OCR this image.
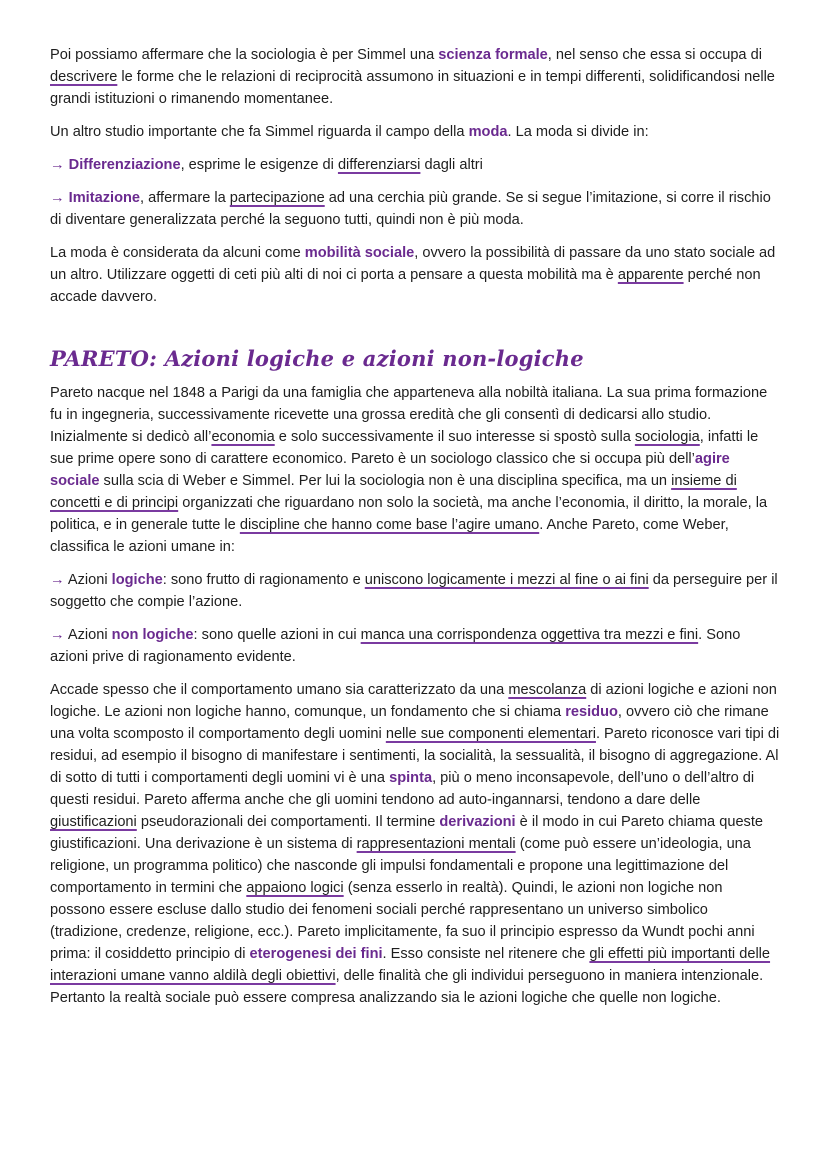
Poi possiamo affermare che la sociologia è per Simmel una scienza formale, nel senso che essa si occupa di descrivere le forme che le relazioni di reciprocità assumono in situazioni e in tempi differenti, solidificandosi nelle grandi istituzioni o rimanendo momentanee.

Un altro studio importante che fa Simmel riguarda il campo della moda. La moda si divide in:

→ Differenziazione, esprime le esigenze di differenziarsi dagli altri

→ Imitazione, affermare la partecipazione ad una cerchia più grande. Se si segue l’imitazione, si corre il rischio di diventare generalizzata perché la seguono tutti, quindi non è più moda.

La moda è considerata da alcuni come mobilità sociale, ovvero la possibilità di passare da uno stato sociale ad un altro. Utilizzare oggetti di ceti più alti di noi ci porta a pensare a questa mobilità ma è apparente perché non accade davvero.

PARETO: Azioni logiche e azioni non-logiche

Pareto nacque nel 1848 a Parigi da una famiglia che apparteneva alla nobiltà italiana. La sua prima formazione fu in ingegneria, successivamente ricevette una grossa eredità che gli consentì di dedicarsi allo studio. Inizialmente si dedicò all’economia e solo successivamente il suo interesse si spostò sulla sociologia, infatti le sue prime opere sono di carattere economico. Pareto è un sociologo classico che si occupa più dell’agire sociale sulla scia di Weber e Simmel. Per lui la sociologia non è una disciplina specifica, ma un insieme di concetti e di principi organizzati che riguardano non solo la società, ma anche l’economia, il diritto, la morale, la politica, e in generale tutte le discipline che hanno come base l’agire umano. Anche Pareto, come Weber, classifica le azioni umane in:

→ Azioni logiche: sono frutto di ragionamento e uniscono logicamente i mezzi al fine o ai fini da perseguire per il soggetto che compie l’azione.

→ Azioni non logiche: sono quelle azioni in cui manca una corrispondenza oggettiva tra mezzi e fini. Sono azioni prive di ragionamento evidente.

Accade spesso che il comportamento umano sia caratterizzato da una mescolanza di azioni logiche e azioni non logiche. Le azioni non logiche hanno, comunque, un fondamento che si chiama residuo, ovvero ciò che rimane una volta scomposto il comportamento degli uomini nelle sue componenti elementari. Pareto riconosce vari tipi di residui, ad esempio il bisogno di manifestare i sentimenti, la socialità, la sessualità, il bisogno di aggregazione. Al di sotto di tutti i comportamenti degli uomini vi è una spinta, più o meno inconsapevole, dell’uno o dell’altro di questi residui. Pareto afferma anche che gli uomini tendono ad auto-ingannarsi, tendono a dare delle giustificazioni pseudorazionali dei comportamenti. Il termine derivazioni è il modo in cui Pareto chiama queste giustificazioni. Una derivazione è un sistema di rappresentazioni mentali (come può essere un’ideologia, una religione, un programma politico) che nasconde gli impulsi fondamentali e propone una legittimazione del comportamento in termini che appaiono logici (senza esserlo in realtà). Quindi, le azioni non logiche non possono essere escluse dallo studio dei fenomeni sociali perché rappresentano un universo simbolico (tradizione, credenze, religione, ecc.). Pareto implicitamente, fa suo il principio espresso da Wundt pochi anni prima: il cosiddetto principio di eterogenesi dei fini. Esso consiste nel ritenere che gli effetti più importanti delle interazioni umane vanno aldilà degli obiettivi, delle finalità che gli individui perseguono in maniera intenzionale. Pertanto la realtà sociale può essere compresa analizzando sia le azioni logiche che quelle non logiche.
